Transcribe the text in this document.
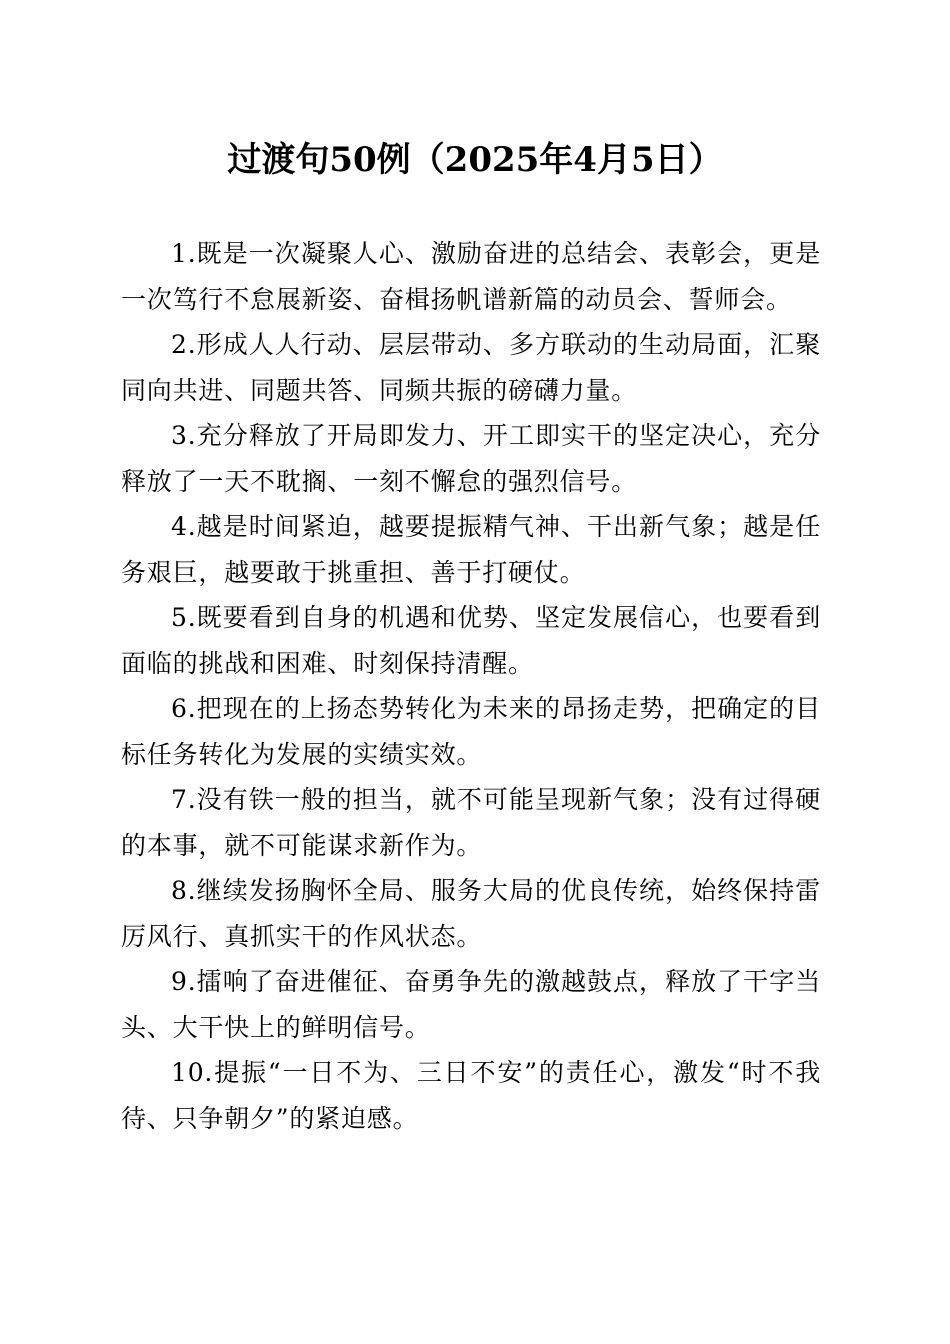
过渡句50例（2025年4月5日）

1.既是一次凝聚人心、激励奋进的总结会、表彰会，更是一次笃行不怠展新姿、奋楫扬帆谱新篇的动员会、誓师会。

2.形成人人行动、层层带动、多方联动的生动局面，汇聚同向共进、同题共答、同频共振的磅礴力量。

3.充分释放了开局即发力、开工即实干的坚定决心，充分释放了一天不耽搁、一刻不懈怠的强烈信号。

4.越是时间紧迫，越要提振精气神、干出新气象；越是任务艰巨，越要敢于挑重担、善于打硬仗。

5.既要看到自身的机遇和优势、坚定发展信心，也要看到面临的挑战和困难、时刻保持清醒。

6.把现在的上扬态势转化为未来的昂扬走势，把确定的目标任务转化为发展的实绩实效。

7.没有铁一般的担当，就不可能呈现新气象；没有过得硬的本事，就不可能谋求新作为。

8.继续发扬胸怀全局、服务大局的优良传统，始终保持雷厉风行、真抓实干的作风状态。

9.擂响了奋进催征、奋勇争先的激越鼓点，释放了干字当头、大干快上的鲜明信号。

10.提振“一日不为、三日不安”的责任心，激发“时不我待、只争朝夕”的紧迫感。
